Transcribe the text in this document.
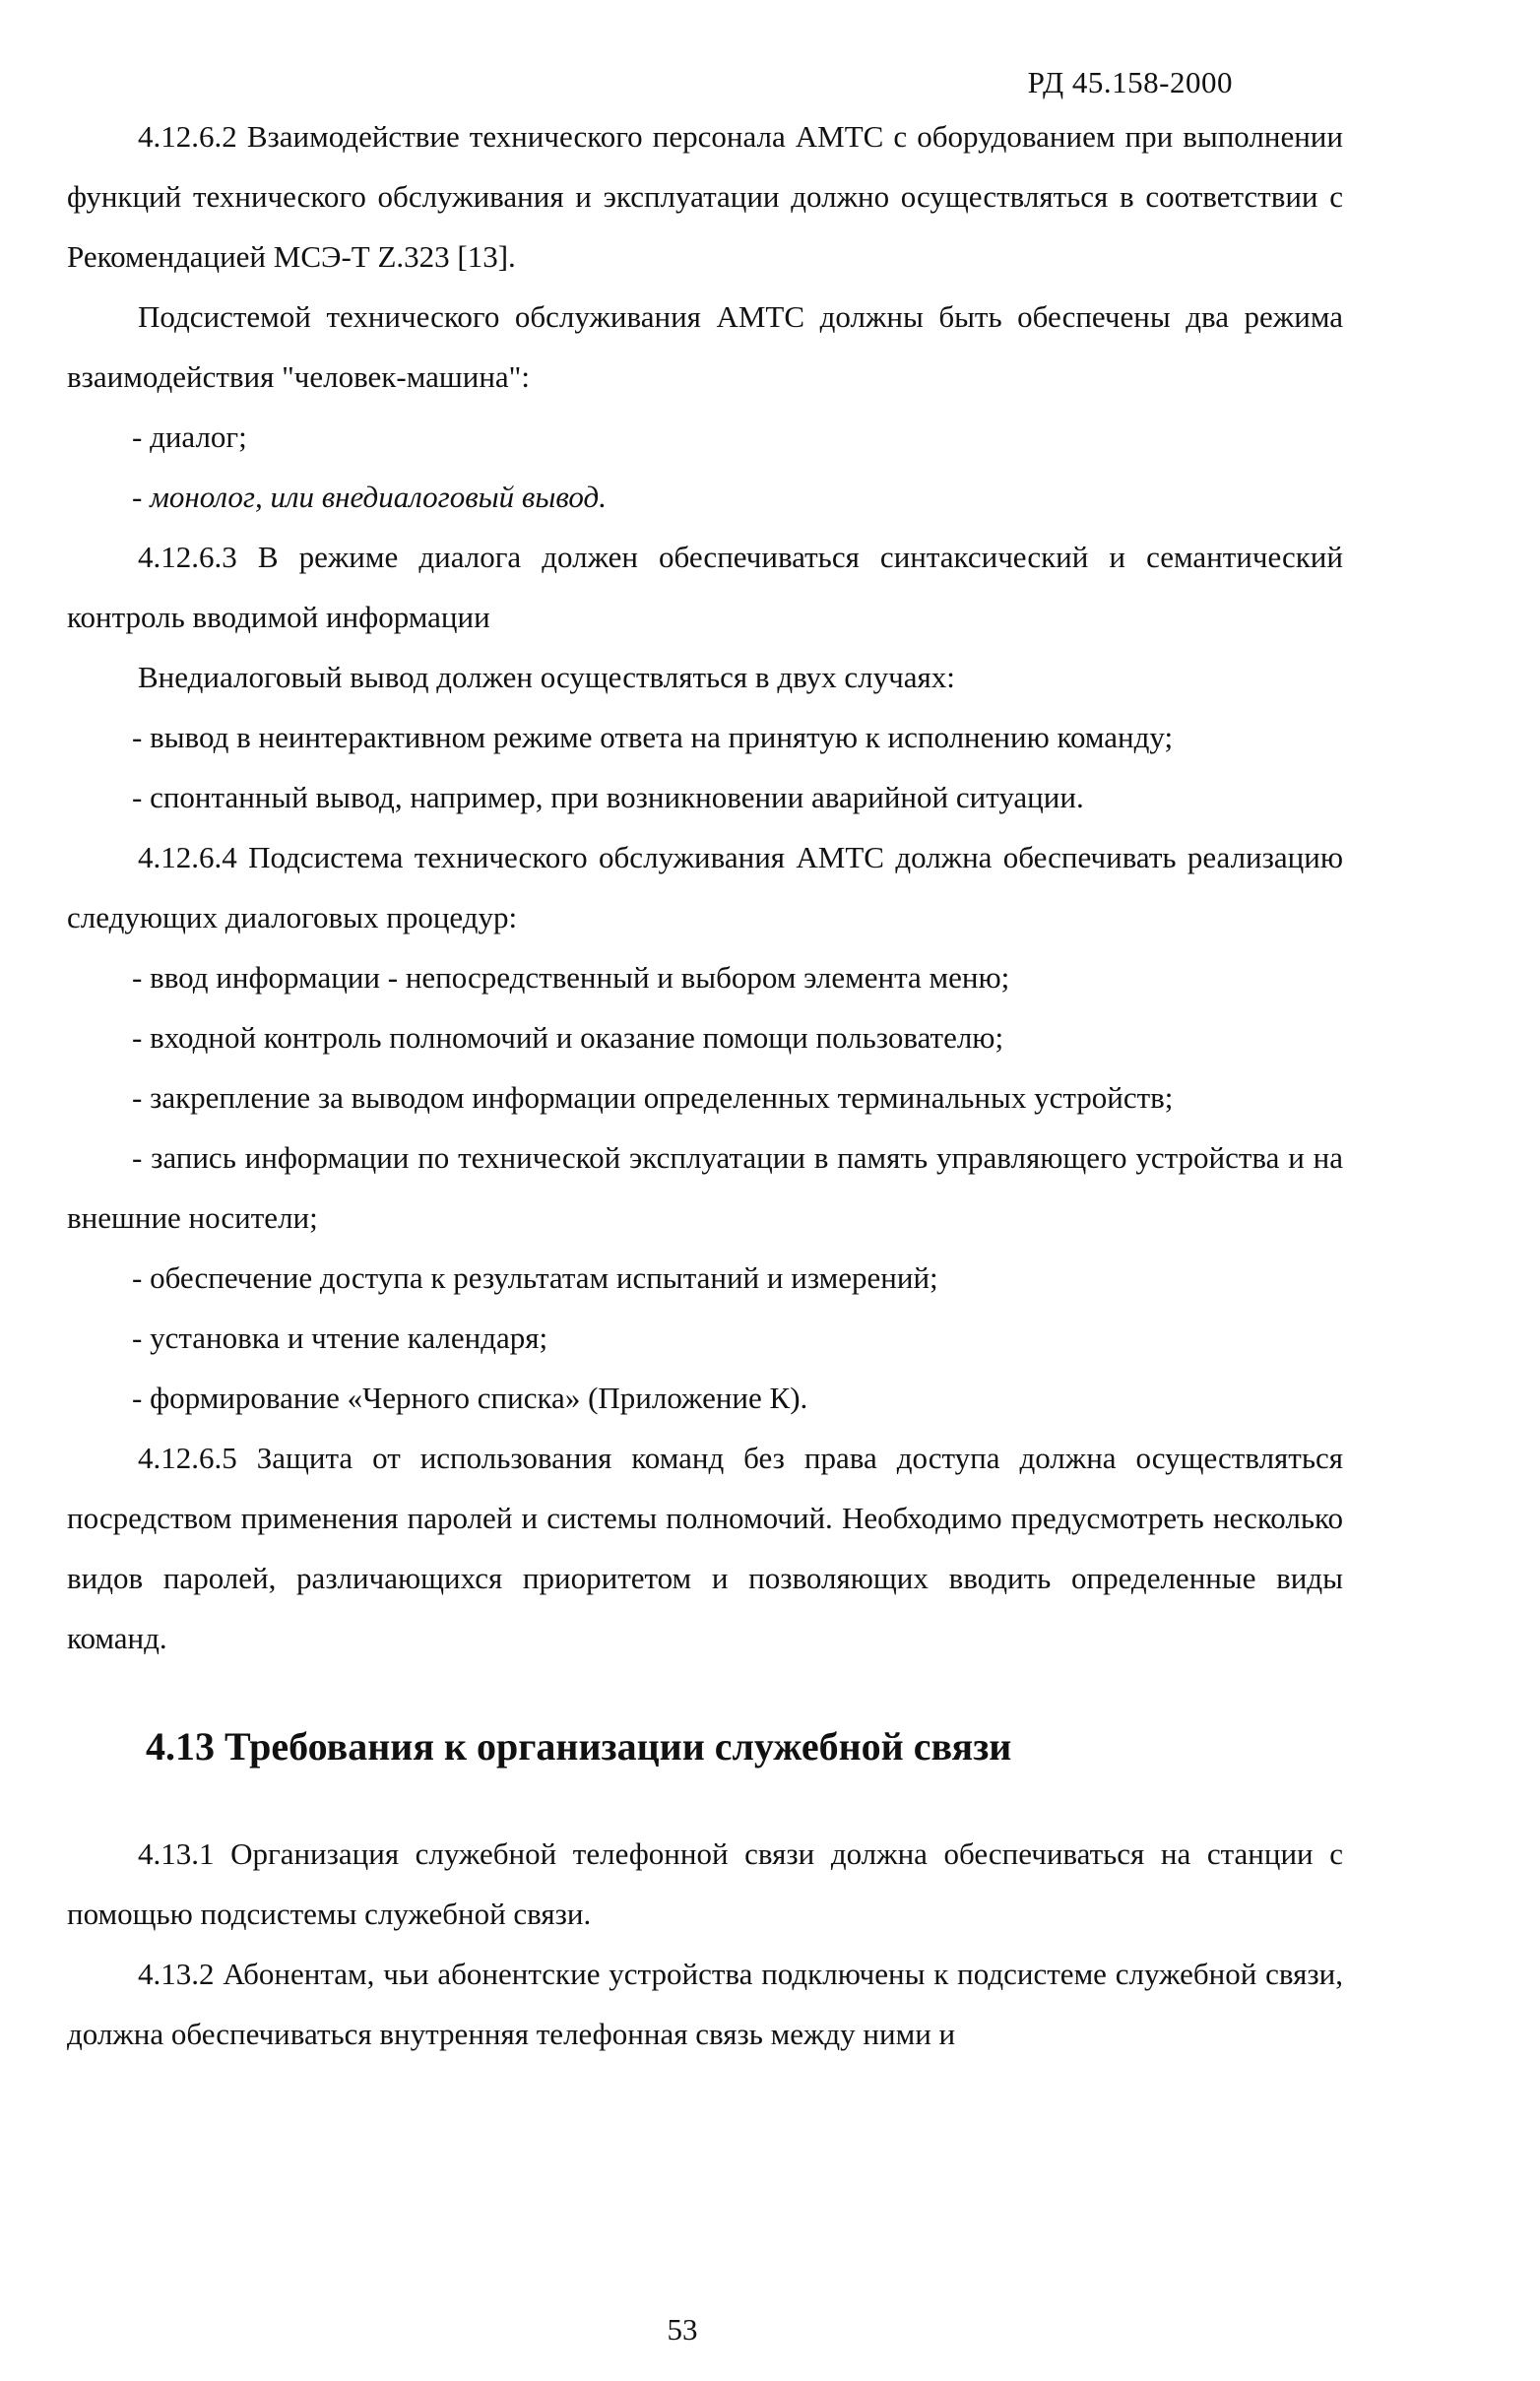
РД 45.158-2000

4.12.6.2 Взаимодействие технического персонала АМТС с оборудованием при выполнении функций технического обслуживания и эксплуатации должно осуществляться в соответствии с Рекомендацией МСЭ-Т Z.323 [13].

Подсистемой технического обслуживания АМТС должны быть обеспечены два режима взаимодействия "человек-машина":

- диалог;

- монолог, или внедиалоговый вывод.

4.12.6.3 В режиме диалога должен обеспечиваться синтаксический и семантический контроль вводимой информации

Внедиалоговый вывод должен осуществляться в двух случаях:

- вывод в неинтерактивном режиме ответа на принятую к исполнению команду;

- спонтанный вывод, например, при возникновении аварийной ситуации.

4.12.6.4 Подсистема технического обслуживания АМТС должна обеспечивать реализацию следующих диалоговых процедур:

- ввод информации - непосредственный и выбором элемента меню;

- входной контроль полномочий и оказание помощи пользователю;

- закрепление за выводом информации определенных терминальных устройств;

- запись информации по технической эксплуатации в память управляющего устройства и на внешние носители;

- обеспечение доступа к результатам испытаний и измерений;

- установка и чтение календаря;

- формирование «Черного списка» (Приложение К).

4.12.6.5 Защита от использования команд без права доступа должна осуществляться посредством применения паролей и системы полномочий. Необходимо предусмотреть несколько видов паролей, различающихся приоритетом и позволяющих вводить определенные виды команд.

4.13 Требования к организации служебной связи

4.13.1 Организация служебной телефонной связи должна обеспечиваться на станции с помощью подсистемы служебной связи.

4.13.2 Абонентам, чьи абонентские устройства подключены к подсистеме служебной связи, должна обеспечиваться внутренняя телефонная связь между ними и

53
